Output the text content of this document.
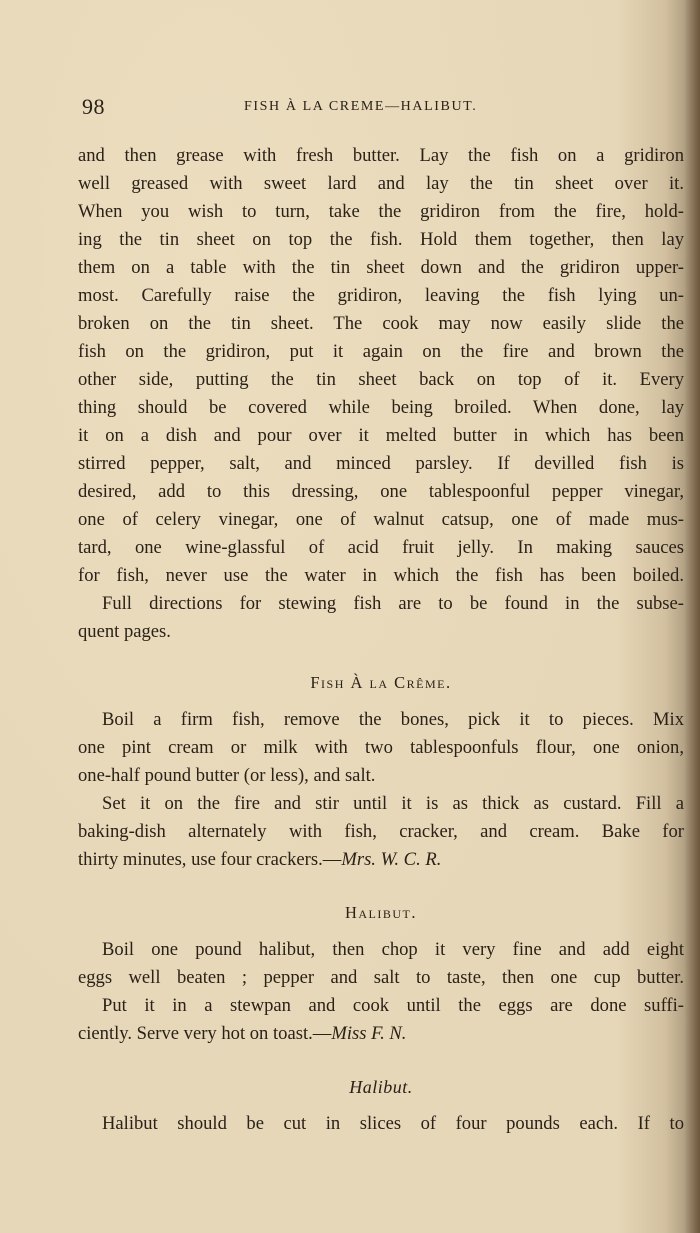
98	FISH À LA CREME—HALIBUT.
and then grease with fresh butter. Lay the fish on a gridiron
well greased with sweet lard and lay the tin sheet over it.
When you wish to turn, take the gridiron from the fire, hold-
ing the tin sheet on top the fish. Hold them together, then lay
them on a table with the tin sheet down and the gridiron upper-
most. Carefully raise the gridiron, leaving the fish lying un-
broken on the tin sheet. The cook may now easily slide the
fish on the gridiron, put it again on the fire and brown the
other side, putting the tin sheet back on top of it. Every
thing should be covered while being broiled. When done, lay
it on a dish and pour over it melted butter in which has been
stirred pepper, salt, and minced parsley. If devilled fish is
desired, add to this dressing, one tablespoonful pepper vinegar,
one of celery vinegar, one of walnut catsup, one of made mus-
tard, one wine-glassful of acid fruit jelly. In making sauces
for fish, never use the water in which the fish has been boiled.
Full directions for stewing fish are to be found in the subse-
quent pages.
Fish À la Crême.
Boil a firm fish, remove the bones, pick it to pieces. Mix
one pint cream or milk with two tablespoonfuls flour, one onion,
one-half pound butter (or less), and salt.
Set it on the fire and stir until it is as thick as custard. Fill a
baking-dish alternately with fish, cracker, and cream. Bake for
thirty minutes, use four crackers.—Mrs. W. C. R.
Halibut.
Boil one pound halibut, then chop it very fine and add eight
eggs well beaten ; pepper and salt to taste, then one cup butter.
Put it in a stewpan and cook until the eggs are done suffi-
ciently. Serve very hot on toast.—Miss F. N.
Halibut.
Halibut should be cut in slices of four pounds each. If to
